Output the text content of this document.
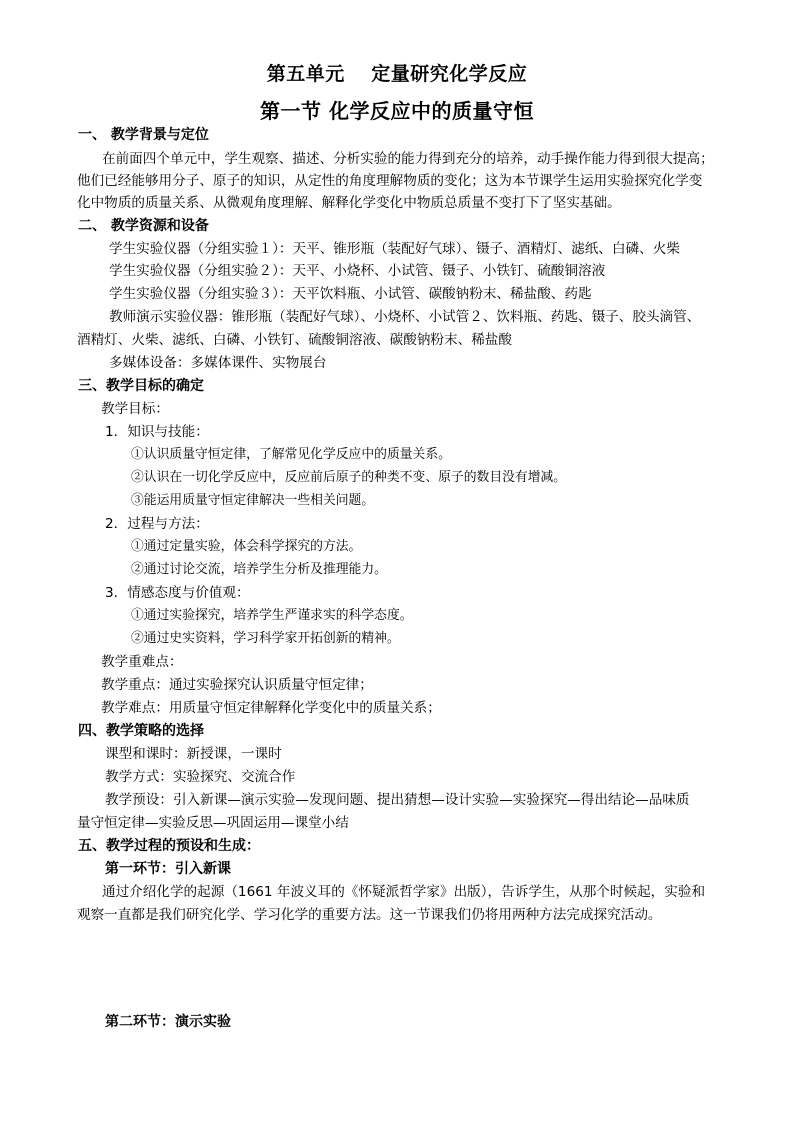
第五单元　 定量研究化学反应
第一节 化学反应中的质量守恒
一、 教学背景与定位
在前面四个单元中，学生观察、描述、分析实验的能力得到充分的培养，动手操作能力得到很大提高；
他们已经能够用分子、原子的知识，从定性的角度理解物质的变化；这为本节课学生运用实验探究化学变
化中物质的质量关系、从微观角度理解、解释化学变化中物质总质量不变打下了坚实基础。
二、 教学资源和设备
学生实验仪器（分组实验１）：天平、锥形瓶（装配好气球）、镊子、酒精灯、滤纸、白磷、火柴
学生实验仪器（分组实验２）：天平、小烧杯、小试管、镊子、小铁钉、硫酸铜溶液
学生实验仪器（分组实验３）：天平饮料瓶、小试管、碳酸钠粉末、稀盐酸、药匙
教师演示实验仪器：锥形瓶（装配好气球）、小烧杯、小试管２、饮料瓶、药匙、镊子、胶头滴管、
酒精灯、火柴、滤纸、白磷、小铁钉、硫酸铜溶液、碳酸钠粉末、稀盐酸
多媒体设备：多媒体课件、实物展台
三、教学目标的确定
教学目标：
1．知识与技能：
①认识质量守恒定律，了解常见化学反应中的质量关系。
②认识在一切化学反应中，反应前后原子的种类不变、原子的数目没有增减。
③能运用质量守恒定律解决一些相关问题。
2．过程与方法：
①通过定量实验，体会科学探究的方法。
②通过讨论交流，培养学生分析及推理能力。
3．情感态度与价值观：
①通过实验探究，培养学生严谨求实的科学态度。
②通过史实资料，学习科学家开拓创新的精神。
教学重难点：
教学重点：通过实验探究认识质量守恒定律；
教学难点：用质量守恒定律解释化学变化中的质量关系；
四、教学策略的选择
课型和课时：新授课，一课时
教学方式：实验探究、交流合作
教学预设：引入新课—演示实验—发现问题、提出猜想—设计实验—实验探究—得出结论—品味质
量守恒定律—实验反思—巩固运用—课堂小结
五、教学过程的预设和生成：
第一环节：引入新课
通过介绍化学的起源（1661 年波义耳的《怀疑派哲学家》出版），告诉学生，从那个时候起，实验和
观察一直都是我们研究化学、学习化学的重要方法。这一节课我们仍将用两种方法完成探究活动。
第二环节：演示实验
